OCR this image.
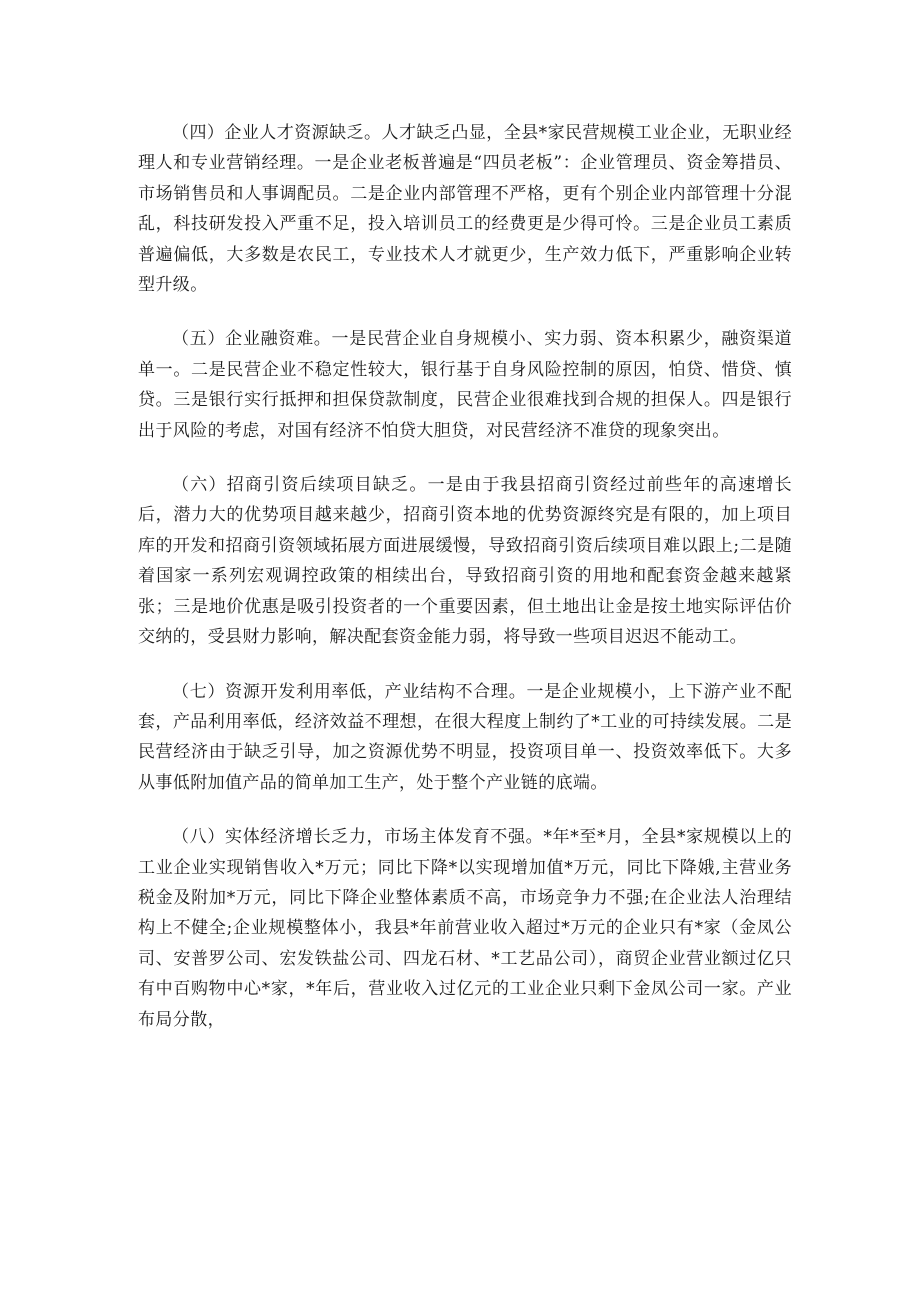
（四）企业人才资源缺乏。人才缺乏凸显，全县*家民营规模工业企业，无职业经理人和专业营销经理。一是企业老板普遍是“四员老板”：企业管理员、资金筹措员、市场销售员和人事调配员。二是企业内部管理不严格，更有个别企业内部管理十分混乱，科技研发投入严重不足，投入培训员工的经费更是少得可怜。三是企业员工素质普遍偏低，大多数是农民工，专业技术人才就更少，生产效力低下，严重影响企业转型升级。

（五）企业融资难。一是民营企业自身规模小、实力弱、资本积累少，融资渠道单一。二是民营企业不稳定性较大，银行基于自身风险控制的原因，怕贷、惜贷、慎贷。三是银行实行抵押和担保贷款制度，民营企业很难找到合规的担保人。四是银行出于风险的考虑，对国有经济不怕贷大胆贷，对民营经济不准贷的现象突出。

（六）招商引资后续项目缺乏。一是由于我县招商引资经过前些年的高速增长后，潜力大的优势项目越来越少，招商引资本地的优势资源终究是有限的，加上项目库的开发和招商引资领域拓展方面进展缓慢，导致招商引资后续项目难以跟上;二是随着国家一系列宏观调控政策的相续出台，导致招商引资的用地和配套资金越来越紧张；三是地价优惠是吸引投资者的一个重要因素，但土地出让金是按土地实际评估价交纳的，受县财力影响，解决配套资金能力弱，将导致一些项目迟迟不能动工。

（七）资源开发利用率低，产业结构不合理。一是企业规模小，上下游产业不配套，产品利用率低，经济效益不理想，在很大程度上制约了*工业的可持续发展。二是民营经济由于缺乏引导，加之资源优势不明显，投资项目单一、投资效率低下。大多从事低附加值产品的简单加工生产，处于整个产业链的底端。

（八）实体经济增长乏力，市场主体发育不强。*年*至*月，全县*家规模以上的工业企业实现销售收入*万元；同比下降*以实现增加值*万元，同比下降娥,主营业务税金及附加*万元，同比下降企业整体素质不高，市场竞争力不强;在企业法人治理结构上不健全;企业规模整体小，我县*年前营业收入超过*万元的企业只有*家（金凤公司、安普罗公司、宏发铁盐公司、四龙石材、*工艺品公司），商贸企业营业额过亿只有中百购物中心*家，*年后，营业收入过亿元的工业企业只剩下金凤公司一家。产业布局分散，
